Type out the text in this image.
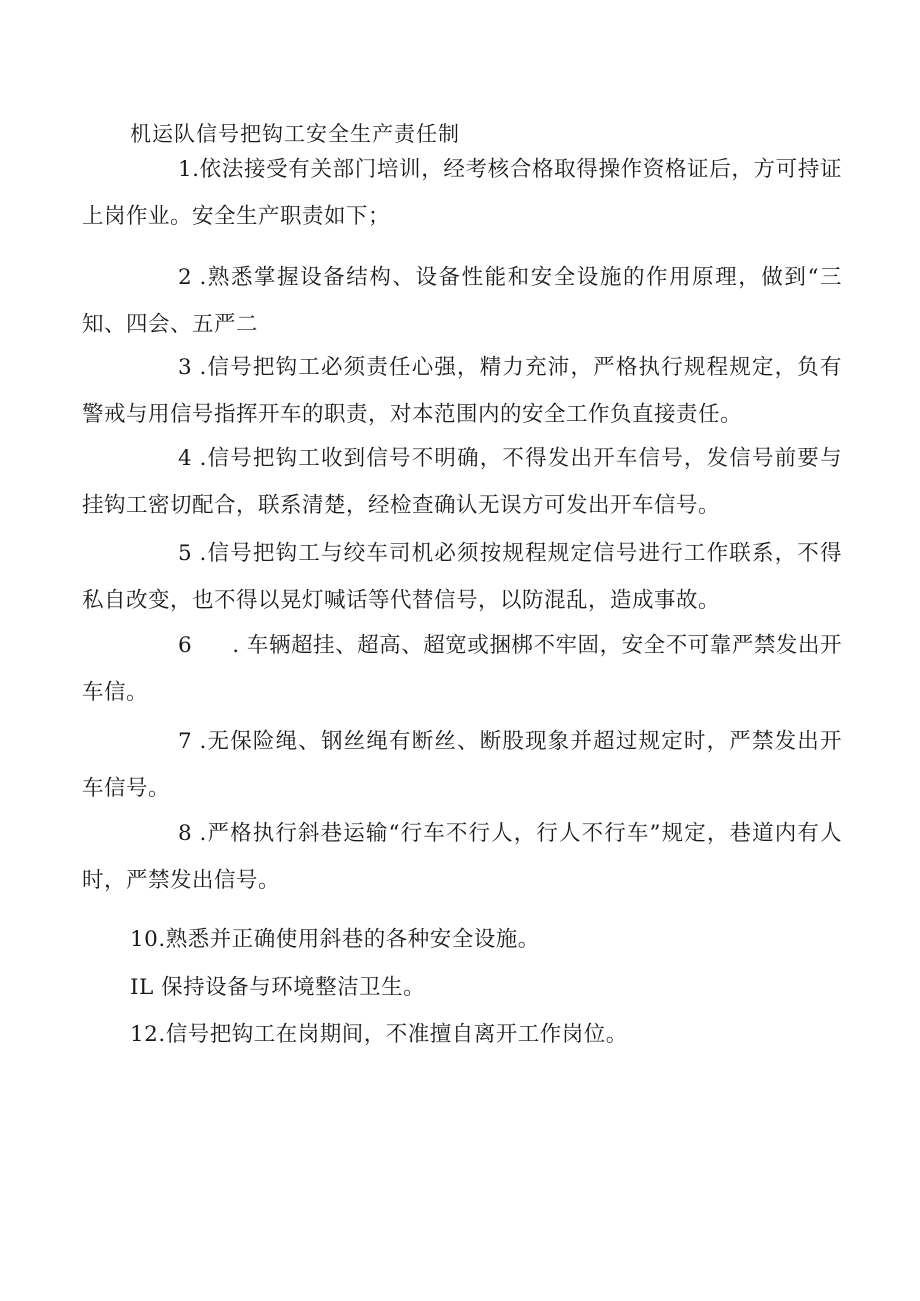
机运队信号把钩工安全生产责任制

1.依法接受有关部门培训，经考核合格取得操作资格证后，方可持证上岗作业。安全生产职责如下；

2 .熟悉掌握设备结构、设备性能和安全设施的作用原理，做到“三知、四会、五严二

3 .信号把钩工必须责任心强，精力充沛，严格执行规程规定，负有警戒与用信号指挥开车的职责，对本范围内的安全工作负直接责任。

4 .信号把钩工收到信号不明确，不得发出开车信号，发信号前要与挂钩工密切配合，联系清楚，经检查确认无误方可发出开车信号。

5 .信号把钩工与绞车司机必须按规程规定信号进行工作联系，不得私自改变，也不得以晃灯喊话等代替信号，以防混乱，造成事故。

6 . 车辆超挂、超高、超宽或捆梆不牢固，安全不可靠严禁发出开车信。

7 .无保险绳、钢丝绳有断丝、断股现象并超过规定时，严禁发出开车信号。

8 .严格执行斜巷运输“行车不行人，行人不行车”规定，巷道内有人时，严禁发出信号。

10.熟悉并正确使用斜巷的各种安全设施。
IL 保持设备与环境整洁卫生。
12.信号把钩工在岗期间，不准擅自离开工作岗位。
